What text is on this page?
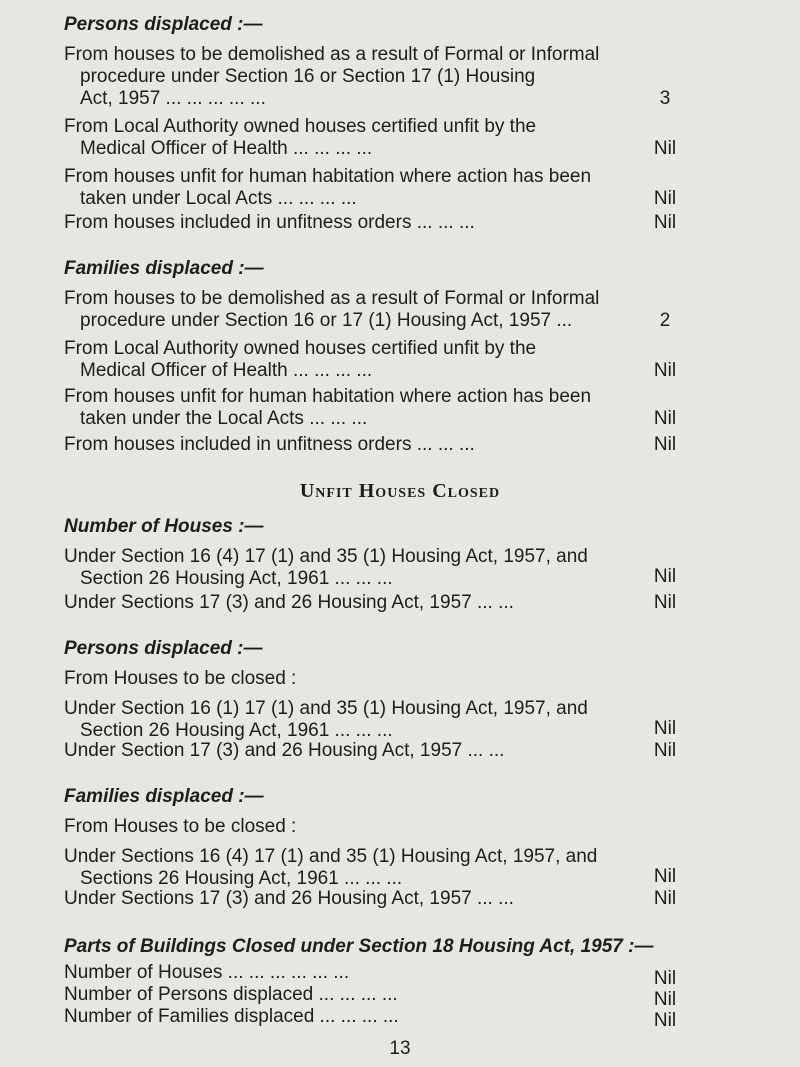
Persons displaced :—
From houses to be demolished as a result of Formal or Informal
procedure under Section 16 or Section 17 (1) Housing
Act, 1957 ... ... ... ... ...	3
From Local Authority owned houses certified unfit by the
Medical Officer of Health ... ... ... ...	Nil
From houses unfit for human habitation where action has been
taken under Local Acts ... ... ... ...	Nil
From houses included in unfitness orders ... ... ...	Nil
Families displaced :—
From houses to be demolished as a result of Formal or Informal
procedure under Section 16 or 17 (1) Housing Act, 1957 ...	2
From Local Authority owned houses certified unfit by the
Medical Officer of Health ... ... ... ...	Nil
From houses unfit for human habitation where action has been
taken under the Local Acts ... ... ...	Nil
From houses included in unfitness orders ... ... ...	Nil
Unfit Houses Closed
Number of Houses :—
Under Section 16 (4) 17 (1) and 35 (1) Housing Act, 1957, and
Section 26 Housing Act, 1961 ... ... ...	Nil
Under Sections 17 (3) and 26 Housing Act, 1957 ... ...	Nil
Persons displaced :—
From Houses to be closed :
Under Section 16 (1) 17 (1) and 35 (1) Housing Act, 1957, and
Section 26 Housing Act, 1961 ... ... ...	Nil
Under Section 17 (3) and 26 Housing Act, 1957 ... ...	Nil
Families displaced :—
From Houses to be closed :
Under Sections 16 (4) 17 (1) and 35 (1) Housing Act, 1957, and
Sections 26 Housing Act, 1961 ... ... ...	Nil
Under Sections 17 (3) and 26 Housing Act, 1957 ... ...	Nil
Parts of Buildings Closed under Section 18 Housing Act, 1957 :—
Number of Houses ... ... ... ... ... ...	Nil
Number of Persons displaced ... ... ... ...	Nil
Number of Families displaced ... ... ... ...	Nil
13
